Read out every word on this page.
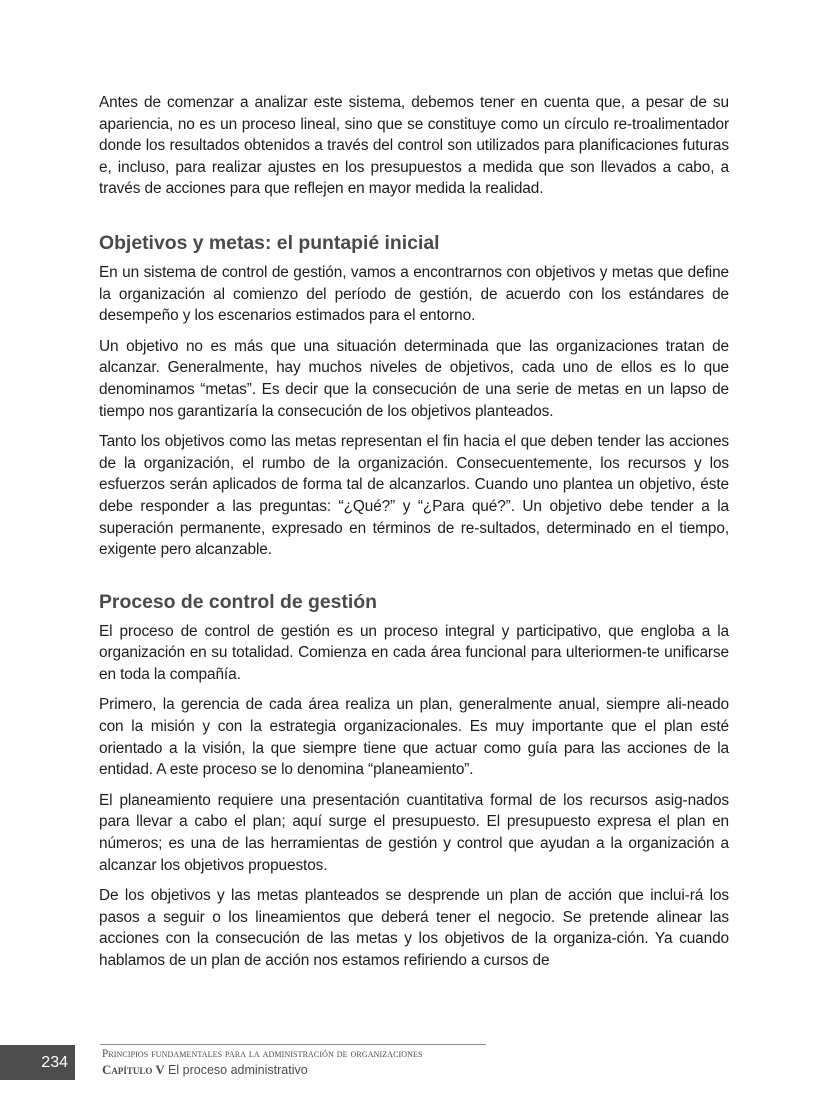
Antes de comenzar a analizar este sistema, debemos tener en cuenta que, a pesar de su apariencia, no es un proceso lineal, sino que se constituye como un círculo re-troalimentador donde los resultados obtenidos a través del control son utilizados para planificaciones futuras e, incluso, para realizar ajustes en los presupuestos a medida que son llevados a cabo, a través de acciones para que reflejen en mayor medida la realidad.

Objetivos y metas: el puntapié inicial

En un sistema de control de gestión, vamos a encontrarnos con objetivos y metas que define la organización al comienzo del período de gestión, de acuerdo con los estándares de desempeño y los escenarios estimados para el entorno.

Un objetivo no es más que una situación determinada que las organizaciones tratan de alcanzar. Generalmente, hay muchos niveles de objetivos, cada uno de ellos es lo que denominamos “metas”. Es decir que la consecución de una serie de metas en un lapso de tiempo nos garantizaría la consecución de los objetivos planteados.

Tanto los objetivos como las metas representan el fin hacia el que deben tender las acciones de la organización, el rumbo de la organización. Consecuentemente, los recursos y los esfuerzos serán aplicados de forma tal de alcanzarlos. Cuando uno plantea un objetivo, éste debe responder a las preguntas: “¿Qué?” y “¿Para qué?”. Un objetivo debe tender a la superación permanente, expresado en términos de re-sultados, determinado en el tiempo, exigente pero alcanzable.

Proceso de control de gestión

El proceso de control de gestión es un proceso integral y participativo, que engloba a la organización en su totalidad. Comienza en cada área funcional para ulteriormen-te unificarse en toda la compañía.

Primero, la gerencia de cada área realiza un plan, generalmente anual, siempre ali-neado con la misión y con la estrategia organizacionales. Es muy importante que el plan esté orientado a la visión, la que siempre tiene que actuar como guía para las acciones de la entidad. A este proceso se lo denomina “planeamiento”.

El planeamiento requiere una presentación cuantitativa formal de los recursos asig-nados para llevar a cabo el plan; aquí surge el presupuesto. El presupuesto expresa el plan en números; es una de las herramientas de gestión y control que ayudan a la organización a alcanzar los objetivos propuestos.

De los objetivos y las metas planteados se desprende un plan de acción que inclui-rá los pasos a seguir o los lineamientos que deberá tener el negocio. Se pretende alinear las acciones con la consecución de las metas y los objetivos de la organiza-ción. Ya cuando hablamos de un plan de acción nos estamos refiriendo a cursos de

234	Principios fundamentales para la administración de organizaciones
Capítulo V El proceso administrativo
